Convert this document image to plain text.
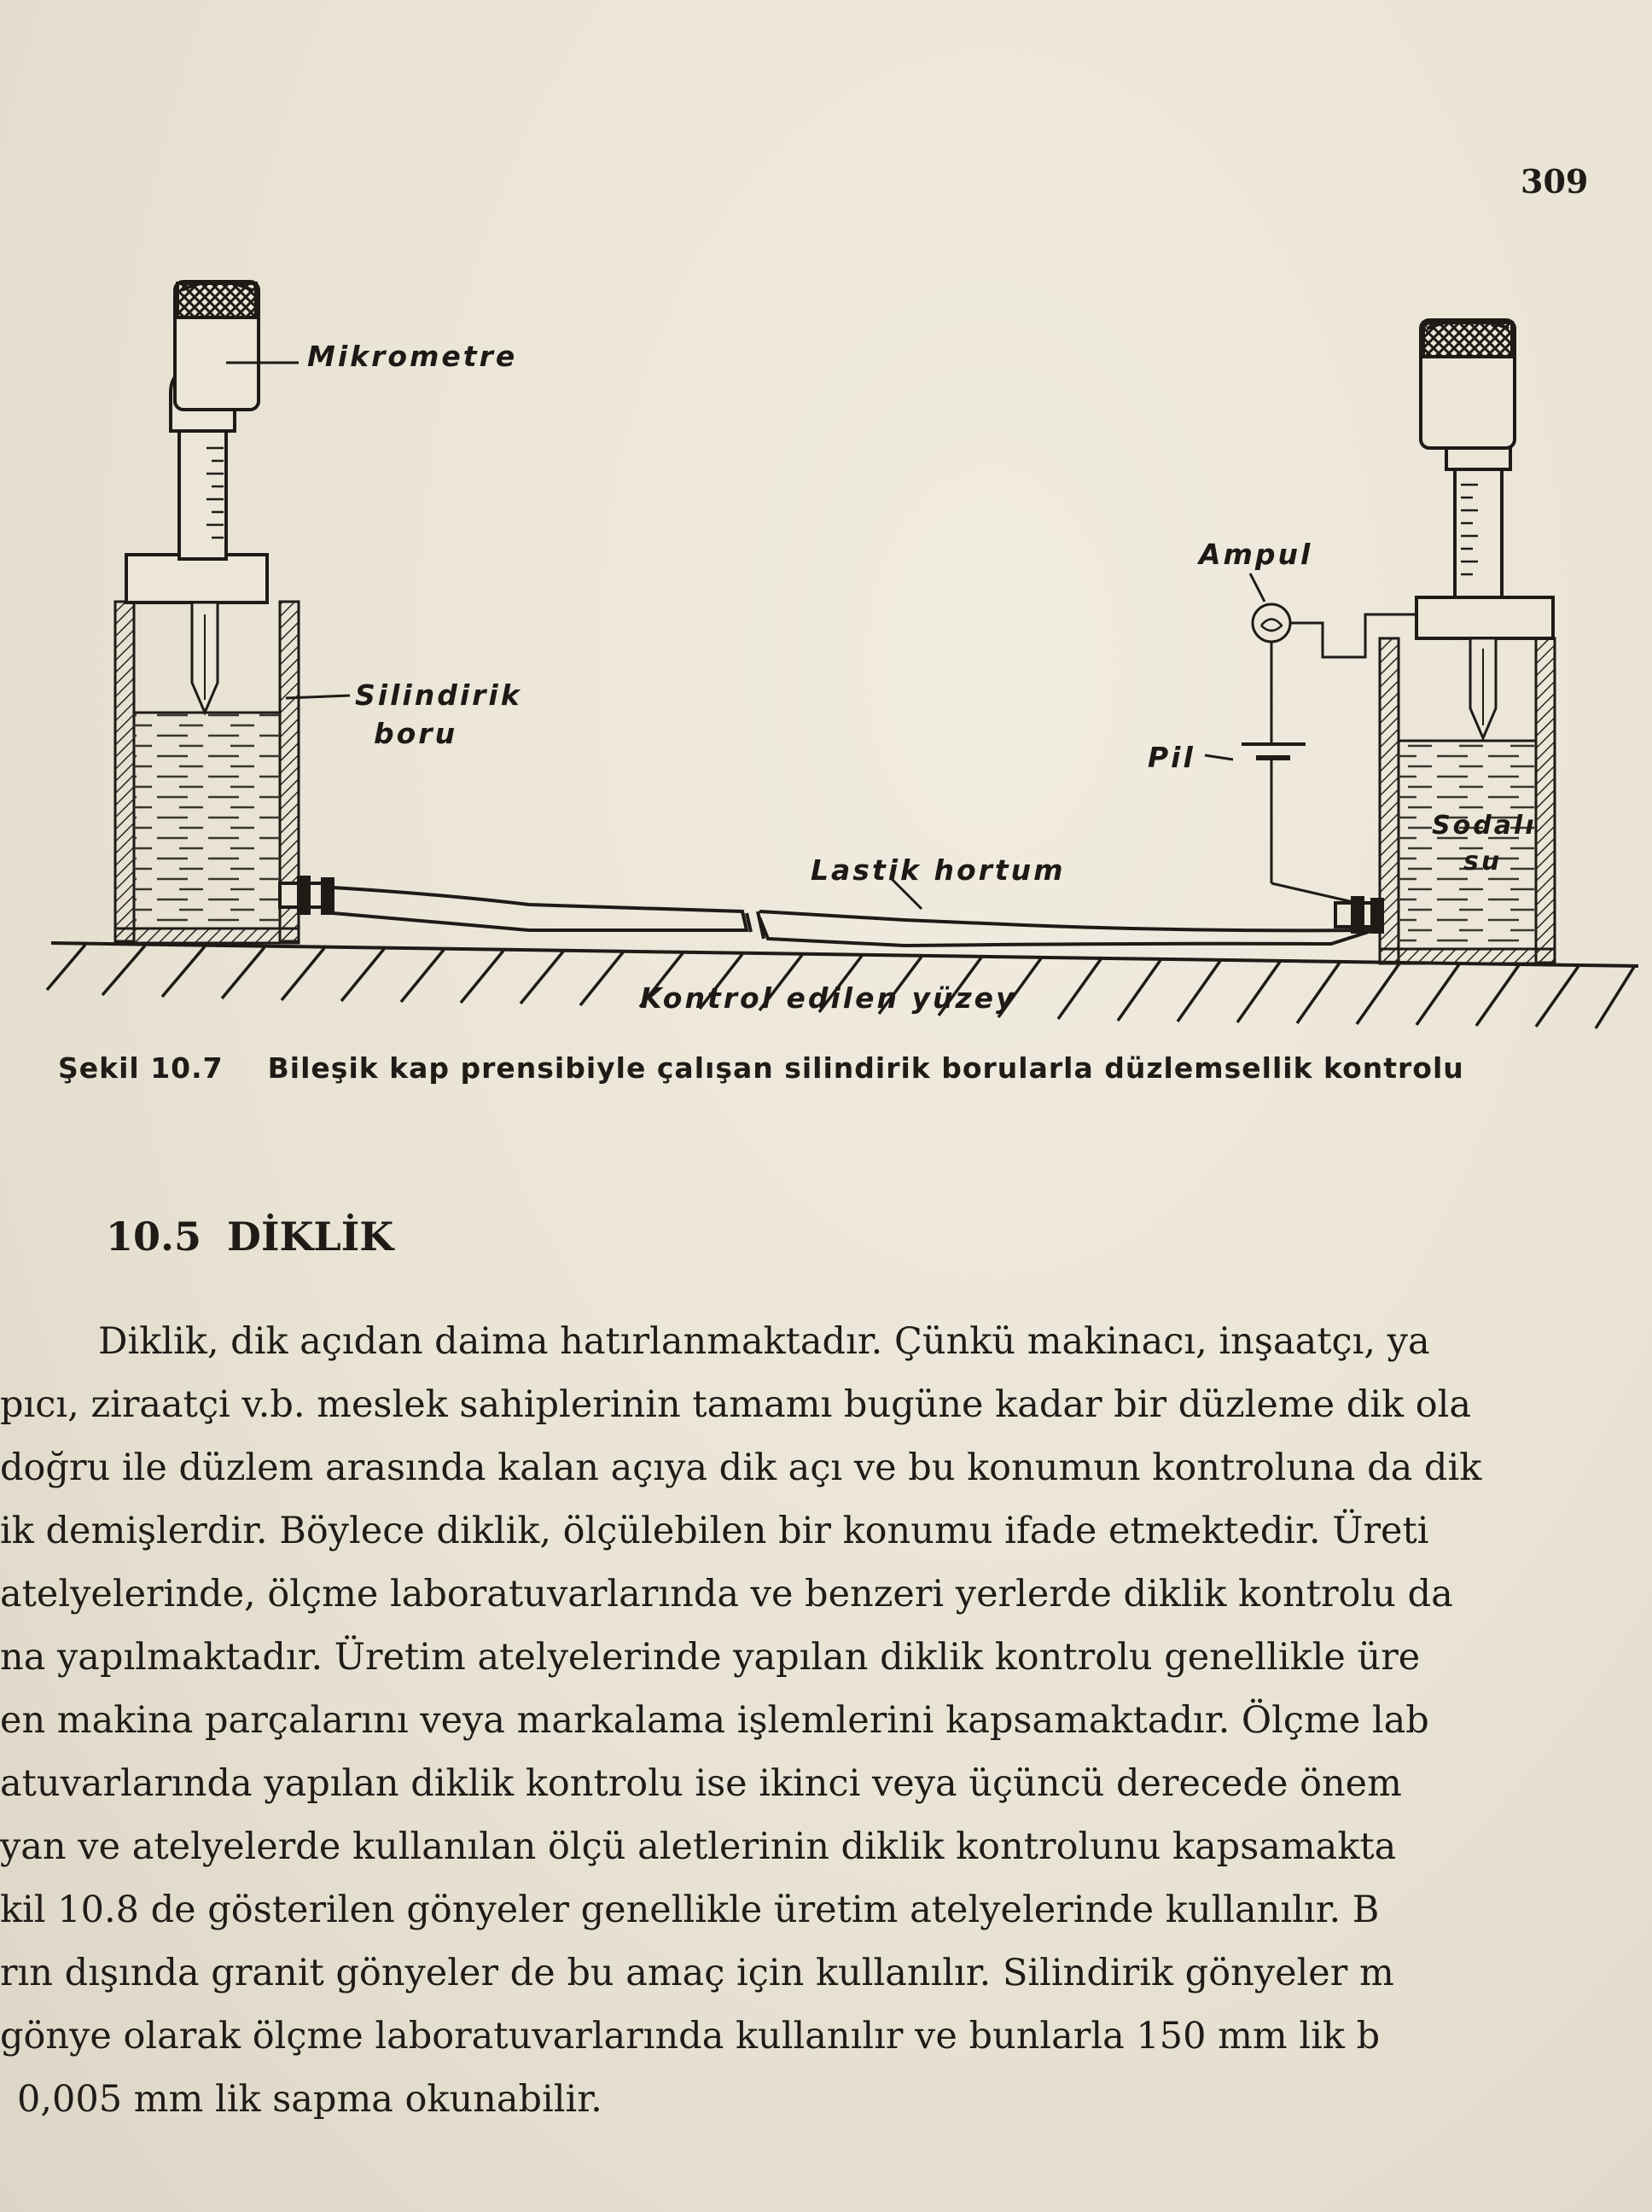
309
Mikrometre
Silindirik
boru
Ampul
Pil
Sodalı
su
Lastik hortum
Kontrol edilen yüzey
Şekil 10.7 Bileşik kap prensibiyle çalışan silindirik borularla düzlemsellik kontrolu
10.5 DİKLİK
Diklik, dik açıdan daima hatırlanmaktadır. Çünkü makinacı, inşaatçı, ya
pıcı, ziraatçi v.b. meslek sahiplerinin tamamı bugüne kadar bir düzleme dik ola
doğru ile düzlem arasında kalan açıya dik açı ve bu konumun kontroluna da dik
ik demişlerdir. Böylece diklik, ölçülebilen bir konumu ifade etmektedir. Üreti
atelyelerinde, ölçme laboratuvarlarında ve benzeri yerlerde diklik kontrolu da
na yapılmaktadır. Üretim atelyelerinde yapılan diklik kontrolu genellikle üre
en makina parçalarını veya markalama işlemlerini kapsamaktadır. Ölçme lab
atuvarlarında yapılan diklik kontrolu ise ikinci veya üçüncü derecede önem
yan ve atelyelerde kullanılan ölçü aletlerinin diklik kontrolunu kapsamakta
kil 10.8 de gösterilen gönyeler genellikle üretim atelyelerinde kullanılır. B
rın dışında granit gönyeler de bu amaç için kullanılır. Silindirik gönyeler m
gönye olarak ölçme laboratuvarlarında kullanılır ve bunlarla 150 mm lik b
0,005 mm lik sapma okunabilir.
